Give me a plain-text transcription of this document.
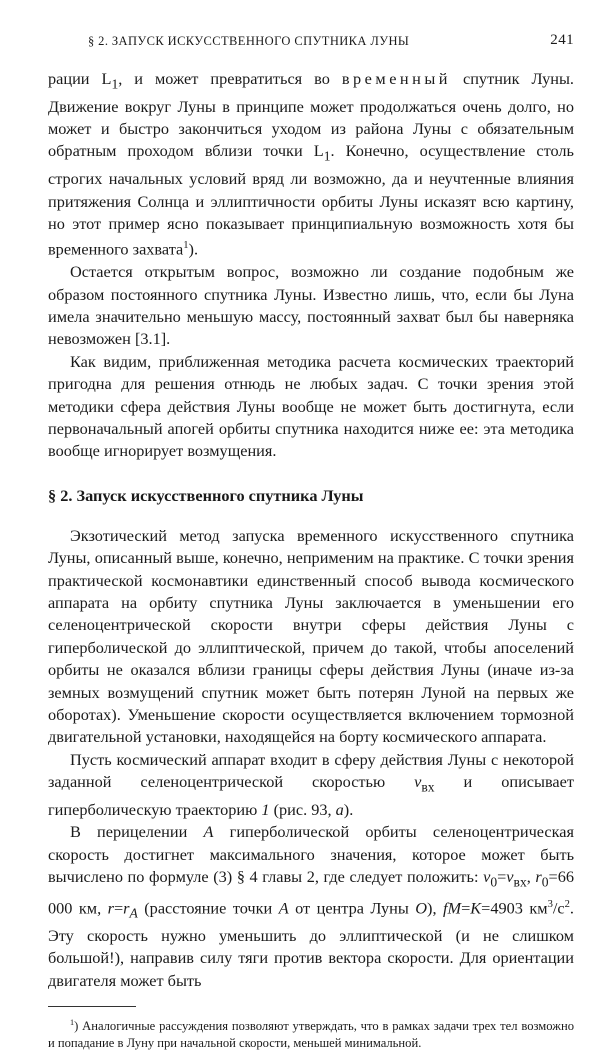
§ 2. ЗАПУСК ИСКУССТВЕННОГО СПУТНИКА ЛУНЫ	241

рации $L_1$, и может превратиться во временный спутник Луны. Движение вокруг Луны в принципе может продолжаться очень долго, но может и быстро закончиться уходом из района Луны с обязательным обратным проходом вблизи точки $L_1$. Конечно, осуществление столь строгих начальных условий вряд ли возможно, да и неучтенные влияния притяжения Солнца и эллиптичности орбиты Луны исказят всю картину, но этот пример ясно показывает принципиальную возможность хотя бы временного захвата$^1$).

Остается открытым вопрос, возможно ли создание подобным же образом постоянного спутника Луны. Известно лишь, что, если бы Луна имела значительно меньшую массу, постоянный захват был бы наверняка невозможен [3.1].

Как видим, приближенная методика расчета космических траекторий пригодна для решения отнюдь не любых задач. С точки зрения этой методики сфера действия Луны вообще не может быть достигнута, если первоначальный апогей орбиты спутника находится ниже ее: эта методика вообще игнорирует возмущения.

§ 2. Запуск искусственного спутника Луны

Экзотический метод запуска временного искусственного спутника Луны, описанный выше, конечно, неприменим на практике. С точки зрения практической космонавтики единственный способ вывода космического аппарата на орбиту спутника Луны заключается в уменьшении его селеноцентрической скорости внутри сферы действия Луны с гиперболической до эллиптической, причем до такой, чтобы апоселений орбиты не оказался вблизи границы сферы действия Луны (иначе из-за земных возмущений спутник может быть потерян Луной на первых же оборотах). Уменьшение скорости осуществляется включением тормозной двигательной установки, находящейся на борту космического аппарата.

Пусть космический аппарат входит в сферу действия Луны с некоторой заданной селеноцентрической скоростью $v_{вх}$ и описывает гиперболическую траекторию 1 (рис. 93, а).

В перицелении A гиперболической орбиты селеноцентрическая скорость достигнет максимального значения, которое может быть вычислено по формуле (3) § 4 главы 2, где следует положить: $v_0=v_{вх}$, $r_0=66$ 000 км, $r=r_A$ (расстояние точки A от центра Луны O), fM=K=4903 $км^3/с^2$. Эту скорость нужно уменьшить до эллиптической (и не слишком большой!), направив силу тяги против вектора скорости. Для ориентации двигателя может быть

$^1$) Аналогичные рассуждения позволяют утверждать, что в рамках задачи трех тел возможно и попадание в Луну при начальной скорости, меньшей минимальной.
